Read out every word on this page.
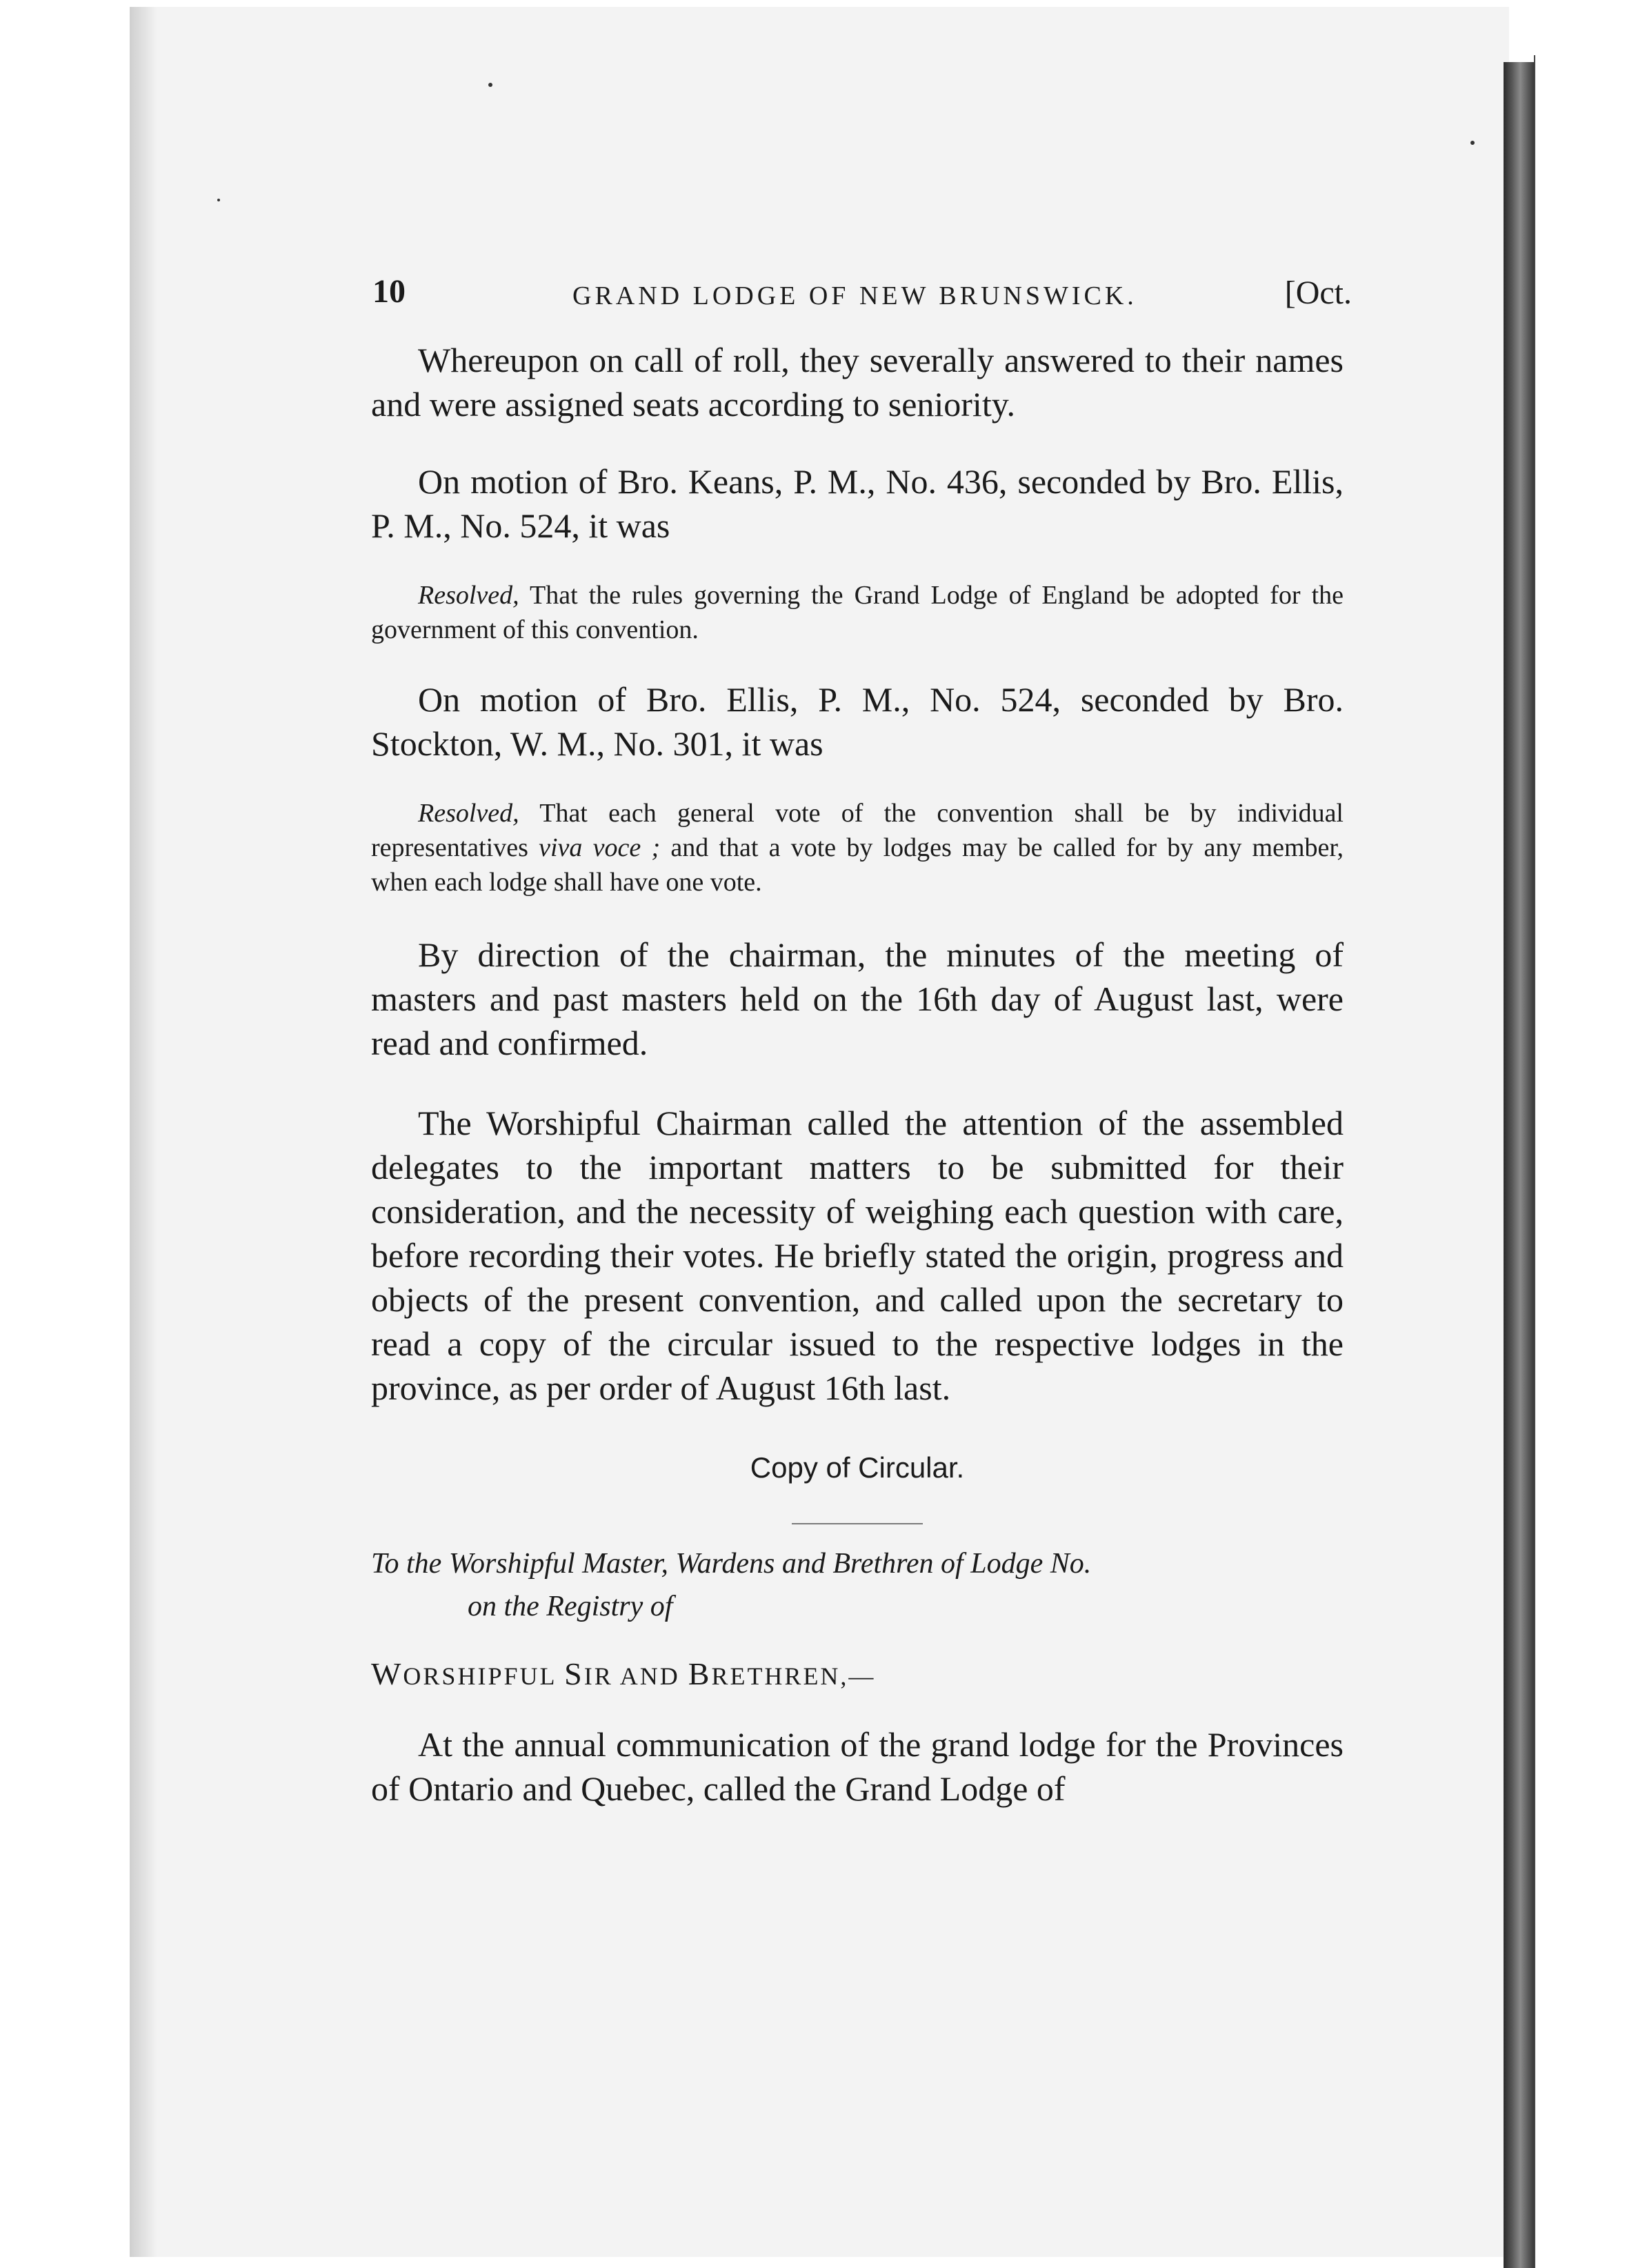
10	GRAND LODGE OF NEW BRUNSWICK.	[Oct.

Whereupon on call of roll, they severally answered to their names and were assigned seats according to seniority.

On motion of Bro. Keans, P. M., No. 436, seconded by Bro. Ellis, P. M., No. 524, it was

Resolved, That the rules governing the Grand Lodge of England be adopted for the government of this convention.

On motion of Bro. Ellis, P. M., No. 524, seconded by Bro. Stockton, W. M., No. 301, it was

Resolved, That each general vote of the convention shall be by individual representatives viva voce ; and that a vote by lodges may be called for by any member, when each lodge shall have one vote.

By direction of the chairman, the minutes of the meeting of masters and past masters held on the 16th day of August last, were read and confirmed.

The Worshipful Chairman called the attention of the assembled delegates to the important matters to be submitted for their consideration, and the necessity of weighing each question with care, before recording their votes. He briefly stated the origin, progress and objects of the present convention, and called upon the secretary to read a copy of the circular issued to the respective lodges in the province, as per order of August 16th last.

Copy of Circular.

To the Worshipful Master, Wardens and Brethren of Lodge No.
on the Registry of

WORSHIPFUL SIR AND BRETHREN,—

At the annual communication of the grand lodge for the Provinces of Ontario and Quebec, called the Grand Lodge of
